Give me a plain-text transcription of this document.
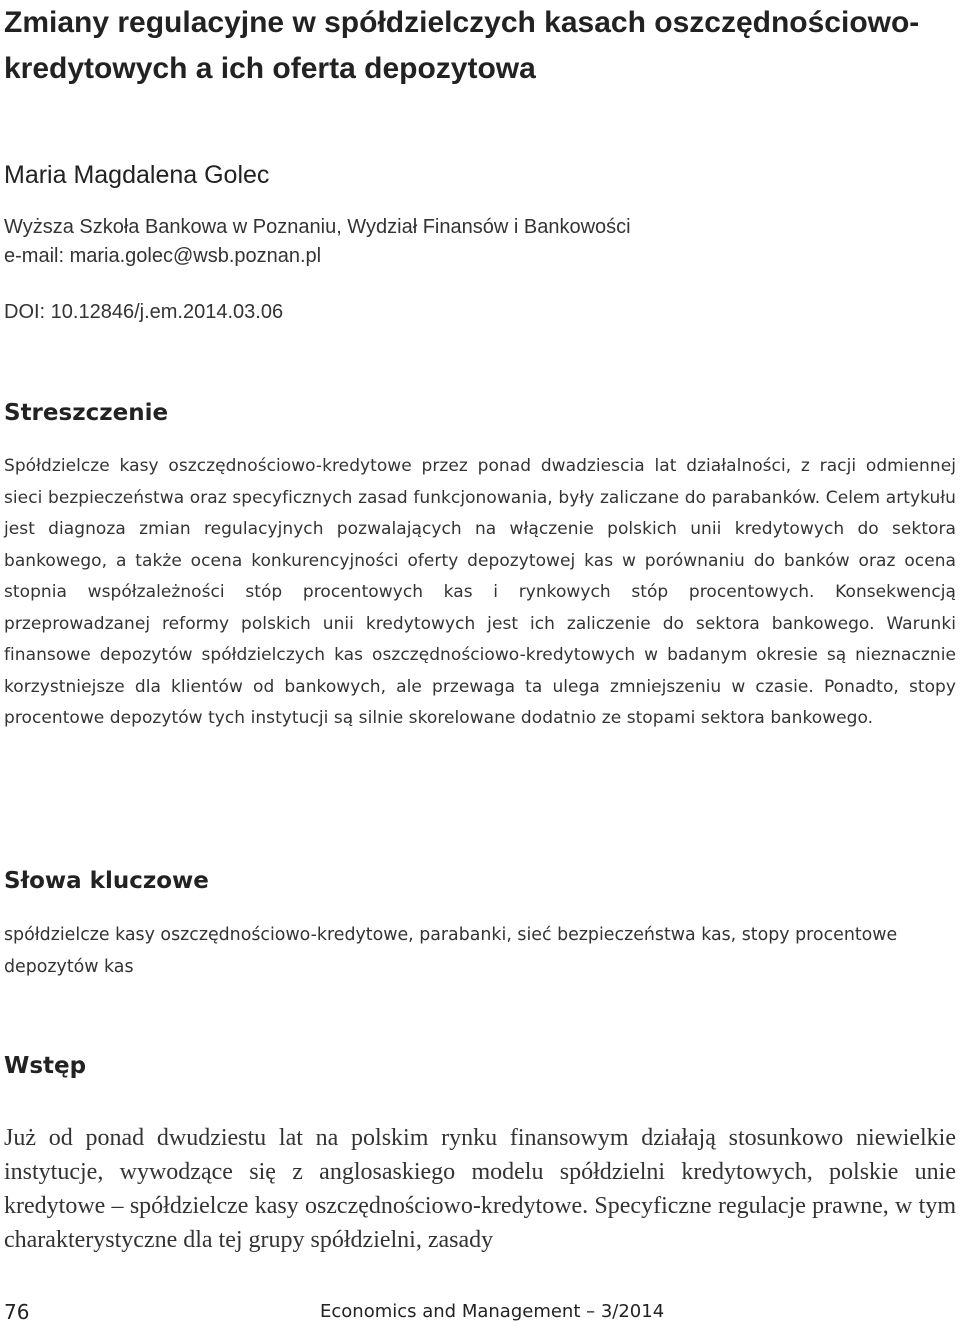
Zmiany regulacyjne w spółdzielczych kasach oszczędnościowo-kredytowych a ich oferta depozytowa

Maria Magdalena Golec

Wyższa Szkoła Bankowa w Poznaniu, Wydział Finansów i Bankowości
e-mail: maria.golec@wsb.poznan.pl

DOI: 10.12846/j.em.2014.03.06

Streszczenie

Spółdzielcze kasy oszczędnościowo-kredytowe przez ponad dwadziescia lat działalności, z racji odmiennej sieci bezpieczeństwa oraz specyficznych zasad funkcjonowania, były zaliczane do parabanków. Celem artykułu jest diagnoza zmian regulacyjnych pozwalających na włączenie polskich unii kredytowych do sektora bankowego, a także ocena konkurencyjności oferty depozytowej kas w porównaniu do banków oraz ocena stopnia współzależności stóp procentowych kas i rynkowych stóp procentowych. Konsekwencją przeprowadzanej reformy polskich unii kredytowych jest ich zaliczenie do sektora bankowego. Warunki finansowe depozytów spółdzielczych kas oszczędnościowo-kredytowych w badanym okresie są nieznacznie korzystniejsze dla klientów od bankowych, ale przewaga ta ulega zmniejszeniu w czasie. Ponadto, stopy procentowe depozytów tych instytucji są silnie skorelowane dodatnio ze stopami sektora bankowego.

Słowa kluczowe

spółdzielcze kasy oszczędnościowo-kredytowe, parabanki, sieć bezpieczeństwa kas, stopy procentowe depozytów kas

Wstęp

Już od ponad dwudziestu lat na polskim rynku finansowym działają stosunkowo niewielkie instytucje, wywodzące się z anglosaskiego modelu spółdzielni kredytowych, polskie unie kredytowe – spółdzielcze kasy oszczędnościowo-kredytowe. Specyficzne regulacje prawne, w tym charakterystyczne dla tej grupy spółdzielni, zasady

76	Economics and Management – 3/2014
